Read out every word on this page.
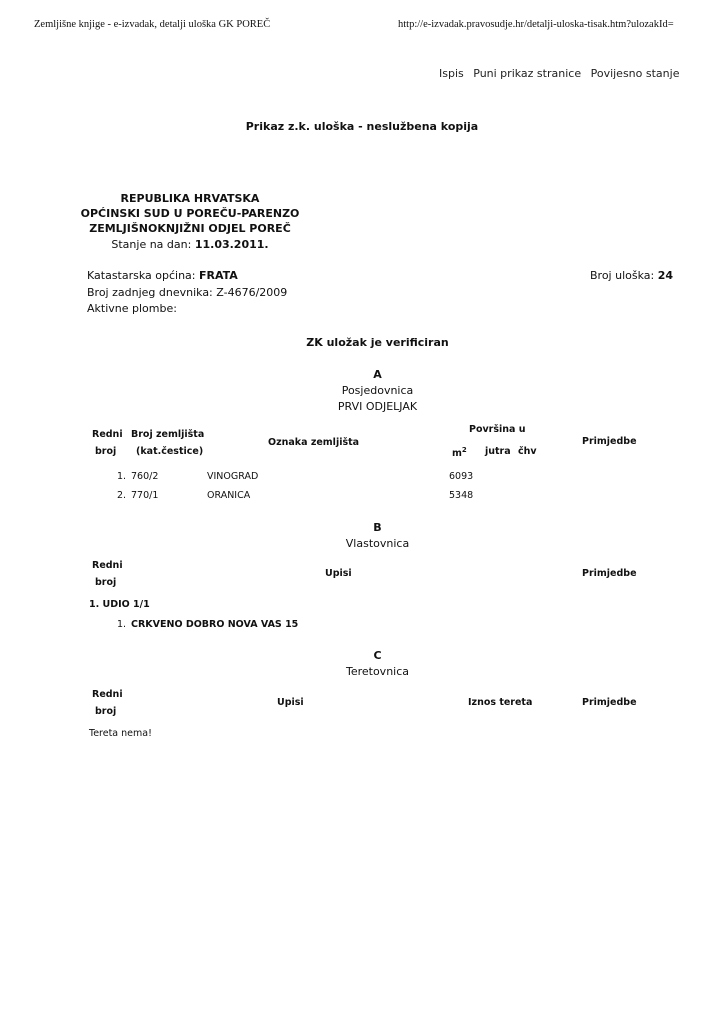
Zemljišne knjige - e-izvadak, detalji uloška GK POREČ	http://e-izvadak.pravosudje.hr/detalji-uloska-tisak.htm?ulozakId=
Ispis Puni prikaz stranice Povijesno stanje
Prikaz z.k. uloška - neslužbena kopija
REPUBLIKA HRVATSKA
OPĆINSKI SUD U POREČU-PARENZO
ZEMLJIŠNOKNJIŽNI ODJEL POREČ
Stanje na dan: 11.03.2011.
Katastarska općina: FRATA
Broj zadnjeg dnevnika: Z-4676/2009
Aktivne plombe:
Broj uloška: 24
ZK uložak je verificiran
A
Posjedovnica
PRVI ODJELJAK
Redni
broj
Broj zemljišta
(kat.čestice)
Oznaka zemljišta
Površina u
$m^2$ jutra čhv
Primjedbe
1. 760/2	VINOGRAD	6093
2. 770/1	ORANICA	5348
B
Vlastovnica
Redni
broj
Upisi	Primjedbe
1. UDIO 1/1
1. CRKVENO DOBRO NOVA VAS 15
C
Teretovnica
Redni
broj
Upisi	Iznos tereta	Primjedbe
Tereta nema!
